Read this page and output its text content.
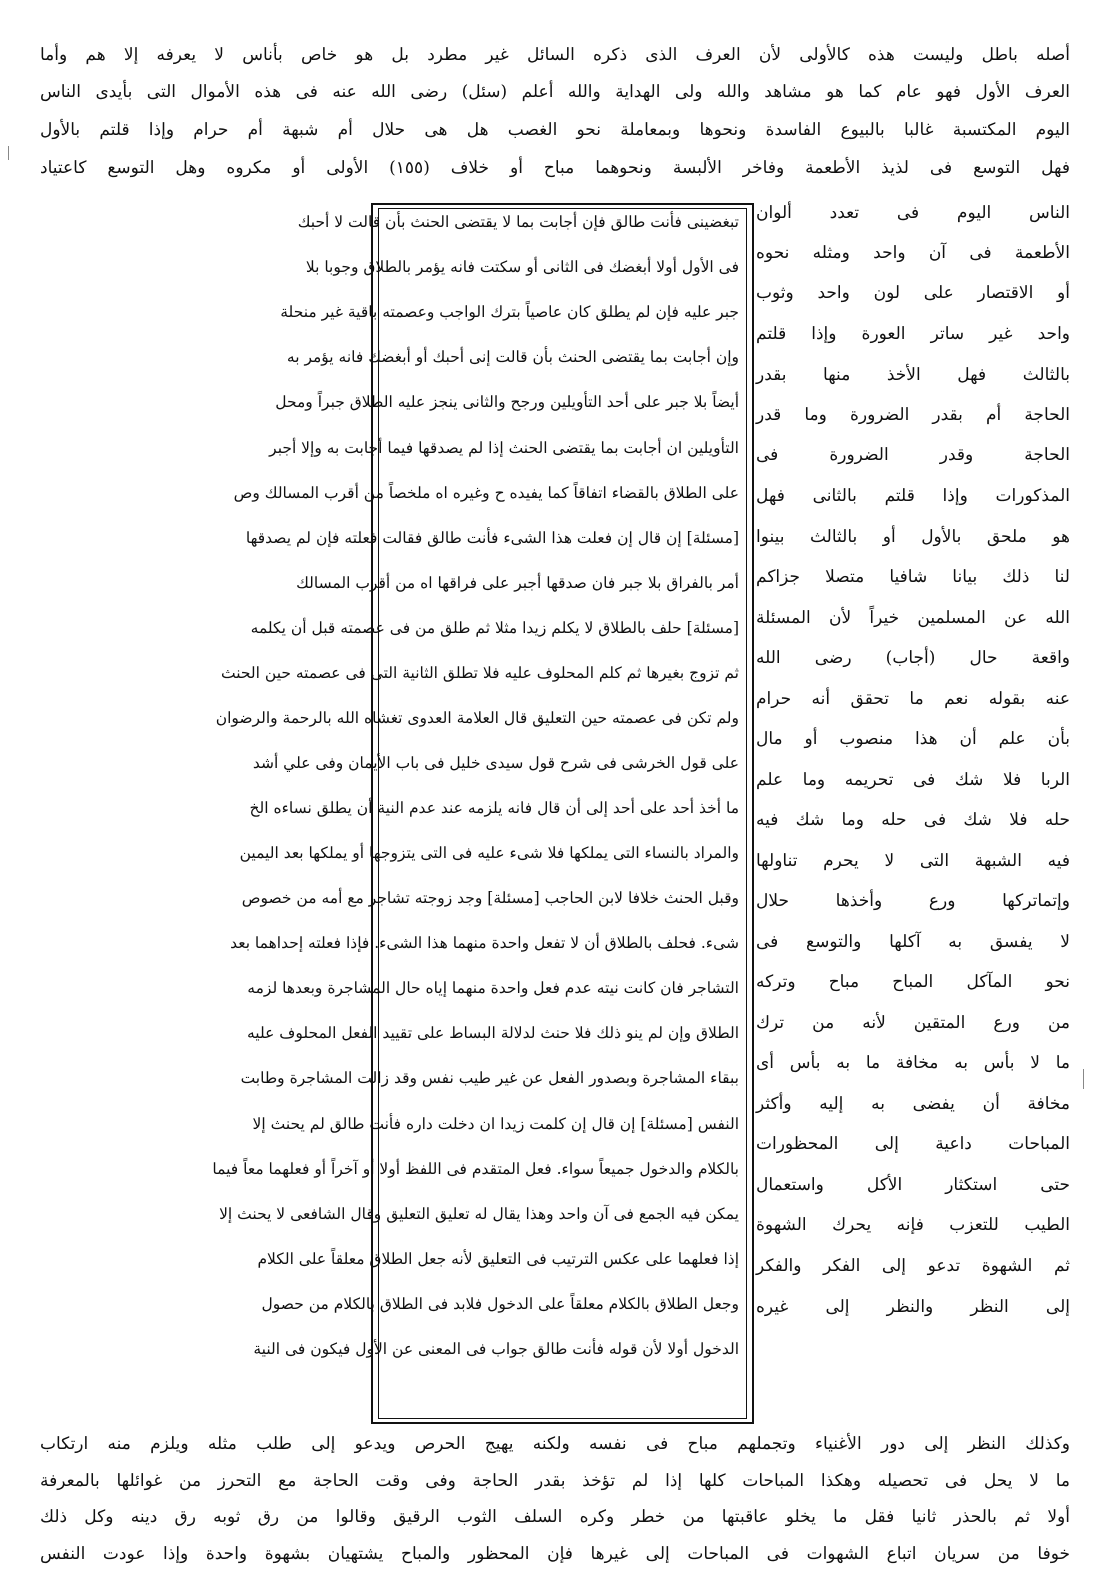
أصله باطل وليست هذه كالأولى لأن العرف الذى ذكره السائل غير مطرد بل هو خاص بأناس لا يعرفه إلا هم وأما
العرف الأول فهو عام كما هو مشاهد والله ولى الهداية والله أعلم (سئل) رضى الله عنه فى هذه الأموال التى بأيدى الناس
اليوم المكتسبة غالبا بالبيوع الفاسدة ونحوها وبمعاملة نحو الغصب هل هى حلال أم شبهة أم حرام وإذا قلتم بالأول
فهل التوسع فى لذيذ الأطعمة وفاخر الألبسة ونحوهما مباح أو خلاف (١٥٥) الأولى أو مكروه وهل التوسع كاعتياد
الناس اليوم فى تعدد ألوان
الأطعمة فى آن واحد ومثله نحوه
أو الاقتصار على لون واحد وثوب
واحد غير ساتر العورة وإذا قلتم
بالثالث فهل الأخذ منها بقدر
الحاجة أم بقدر الضرورة وما قدر
الحاجة وقدر الضرورة فى
المذكورات وإذا قلتم بالثانى فهل
هو ملحق بالأول أو بالثالث بينوا
لنا ذلك بيانا شافيا متصلا جزاكم
الله عن المسلمين خيراً لأن المسئلة
واقعة حال (أجاب) رضى الله
عنه بقوله نعم ما تحقق أنه حرام
بأن علم أن هذا منصوب أو مال
الربا فلا شك فى تحريمه وما علم
حله فلا شك فى حله وما شك فيه
فيه الشبهة التى لا يحرم تناولها
وإتماتركها ورع وأخذها حلال
لا يفسق به آكلها والتوسع فى
نحو المآكل المباح مباح وتركه
من ورع المتقين لأنه من ترك
ما لا بأس به مخافة ما به بأس أى
مخافة أن يفضى به إليه وأكثر
المباحات داعية إلى المحظورات
حتى استكثار الأكل واستعمال
الطيب للتعزب فإنه يحرك الشهوة
ثم الشهوة تدعو إلى الفكر والفكر
إلى النظر والنظر إلى غيره
تبغضينى فأنت طالق فإن أجابت بما لا يقتضى الحنث بأن قالت لا أحبك
فى الأول أولا أبغضك فى الثانى أو سكتت فانه يؤمر بالطلاق وجوبا بلا
جبر عليه فإن لم يطلق كان عاصياً بترك الواجب وعصمته باقية غير منحلة
وإن أجابت بما يقتضى الحنث بأن قالت إنى أحبك أو أبغضك فانه يؤمر به
أيضاً بلا جبر على أحد التأويلين ورجح والثانى ينجز عليه الطلاق جبراً ومحل
التأويلين ان أجابت بما يقتضى الحنث إذا لم يصدقها فيما أجابت به وإلا أجبر
على الطلاق بالقضاء اتفاقاً كما يفيده ح وغيره اه ملخصاً من أقرب المسالك وص
[مسئلة] إن قال إن فعلت هذا الشىء فأنت طالق فقالت فعلته فإن لم يصدقها
أمر بالفراق بلا جبر فان صدقها أجبر على فراقها اه من أقرب المسالك
[مسئلة] حلف بالطلاق لا يكلم زيدا مثلا ثم طلق من فى عصمته قبل أن يكلمه
ثم تزوج بغيرها ثم كلم المحلوف عليه فلا تطلق الثانية التى فى عصمته حين الحنث
ولم تكن فى عصمته حين التعليق قال العلامة العدوى تغشاه الله بالرحمة والرضوان
على قول الخرشى فى شرح قول سيدى خليل فى باب الأيمان وفى علي أشد
ما أخذ أحد على أحد إلى أن قال فانه يلزمه عند عدم النية أن يطلق نساءه الخ
والمراد بالنساء التى يملكها فلا شىء عليه فى التى يتزوجها أو يملكها بعد اليمين
وقبل الحنث خلافا لابن الحاجب [مسئلة] وجد زوجته تشاجر مع أمه من خصوص
شىء. فحلف بالطلاق أن لا تفعل واحدة منهما هذا الشىء. فإذا فعلته إحداهما بعد
التشاجر فان كانت نيته عدم فعل واحدة منهما إياه حال المشاجرة وبعدها لزمه
الطلاق وإن لم ينو ذلك فلا حنث لدلالة البساط على تقييد الفعل المحلوف عليه
ببقاء المشاجرة وبصدور الفعل عن غير طيب نفس وقد زالت المشاجرة وطابت
النفس [مسئلة] إن قال إن كلمت زيدا ان دخلت داره فأنت طالق لم يحنث إلا
بالكلام والدخول جميعاً سواء. فعل المتقدم فى اللفظ أولا أو آخراً أو فعلهما معاً فيما
يمكن فيه الجمع فى آن واحد وهذا يقال له تعليق التعليق وقال الشافعى لا يحنث إلا
إذا فعلهما على عكس الترتيب فى التعليق لأنه جعل الطلاق معلقاً على الكلام
وجعل الطلاق بالكلام معلقاً على الدخول فلابد فى الطلاق بالكلام من حصول
الدخول أولا لأن قوله فأنت طالق جواب فى المعنى عن الأول فيكون فى النية
وكذلك النظر إلى دور الأغنياء وتجملهم مباح فى نفسه ولكنه يهيج الحرص ويدعو إلى طلب مثله ويلزم منه ارتكاب
ما لا يحل فى تحصيله وهكذا المباحات كلها إذا لم تؤخذ بقدر الحاجة وفى وقت الحاجة مع التحرز من غوائلها بالمعرفة
أولا ثم بالحذر ثانيا فقل ما يخلو عاقبتها من خطر وكره السلف الثوب الرقيق وقالوا من رق ثوبه رق دينه وكل ذلك
خوفا من سريان اتباع الشهوات فى المباحات إلى غيرها فإن المحظور والمباح يشتهيان بشهوة واحدة وإذا عودت النفس
